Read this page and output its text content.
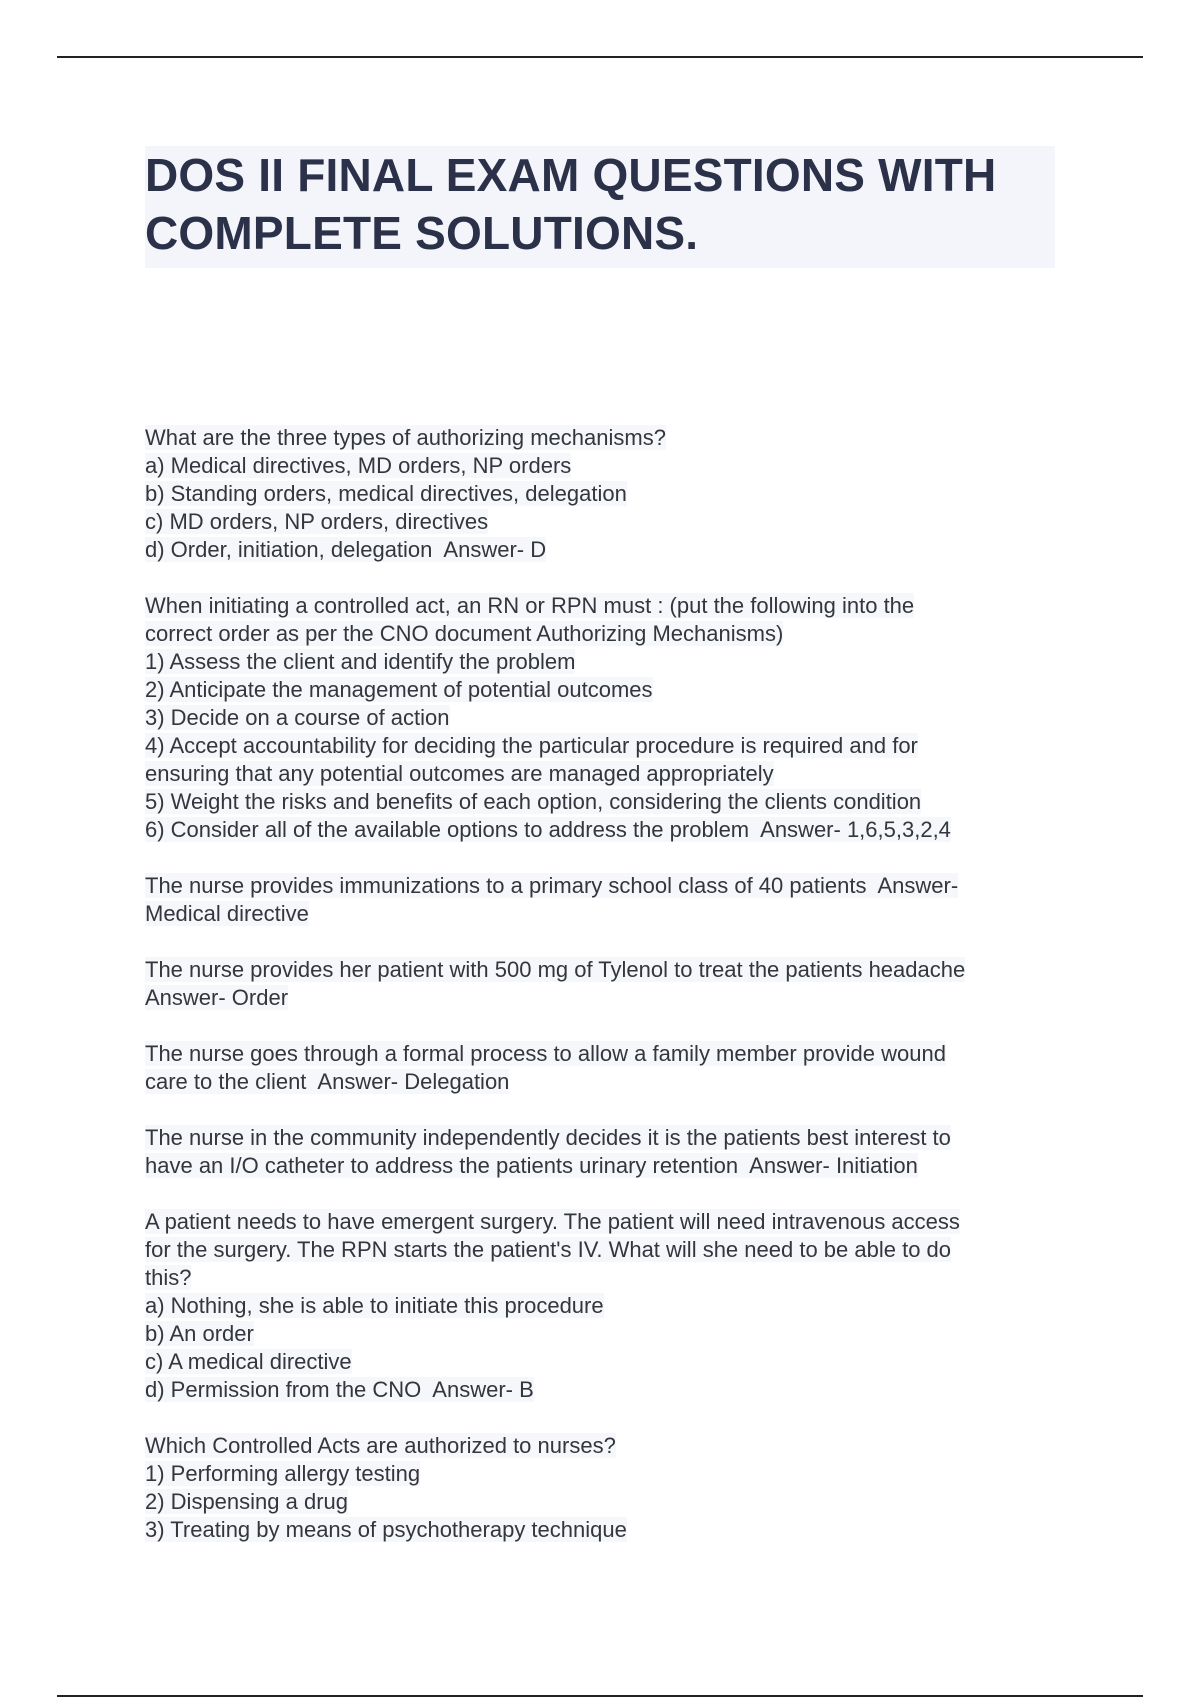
DOS II FINAL EXAM QUESTIONS WITH
COMPLETE SOLUTIONS.
What are the three types of authorizing mechanisms?
a) Medical directives, MD orders, NP orders
b) Standing orders, medical directives, delegation
c) MD orders, NP orders, directives
d) Order, initiation, delegation  Answer- D
When initiating a controlled act, an RN or RPN must : (put the following into the
correct order as per the CNO document Authorizing Mechanisms)
1) Assess the client and identify the problem
2) Anticipate the management of potential outcomes
3) Decide on a course of action
4) Accept accountability for deciding the particular procedure is required and for
ensuring that any potential outcomes are managed appropriately
5) Weight the risks and benefits of each option, considering the clients condition
6) Consider all of the available options to address the problem  Answer- 1,6,5,3,2,4
The nurse provides immunizations to a primary school class of 40 patients  Answer-
Medical directive
The nurse provides her patient with 500 mg of Tylenol to treat the patients headache
Answer- Order
The nurse goes through a formal process to allow a family member provide wound
care to the client  Answer- Delegation
The nurse in the community independently decides it is the patients best interest to
have an I/O catheter to address the patients urinary retention  Answer- Initiation
A patient needs to have emergent surgery. The patient will need intravenous access
for the surgery. The RPN starts the patient's IV. What will she need to be able to do
this?
a) Nothing, she is able to initiate this procedure
b) An order
c) A medical directive
d) Permission from the CNO  Answer- B
Which Controlled Acts are authorized to nurses?
1) Performing allergy testing
2) Dispensing a drug
3) Treating by means of psychotherapy technique
